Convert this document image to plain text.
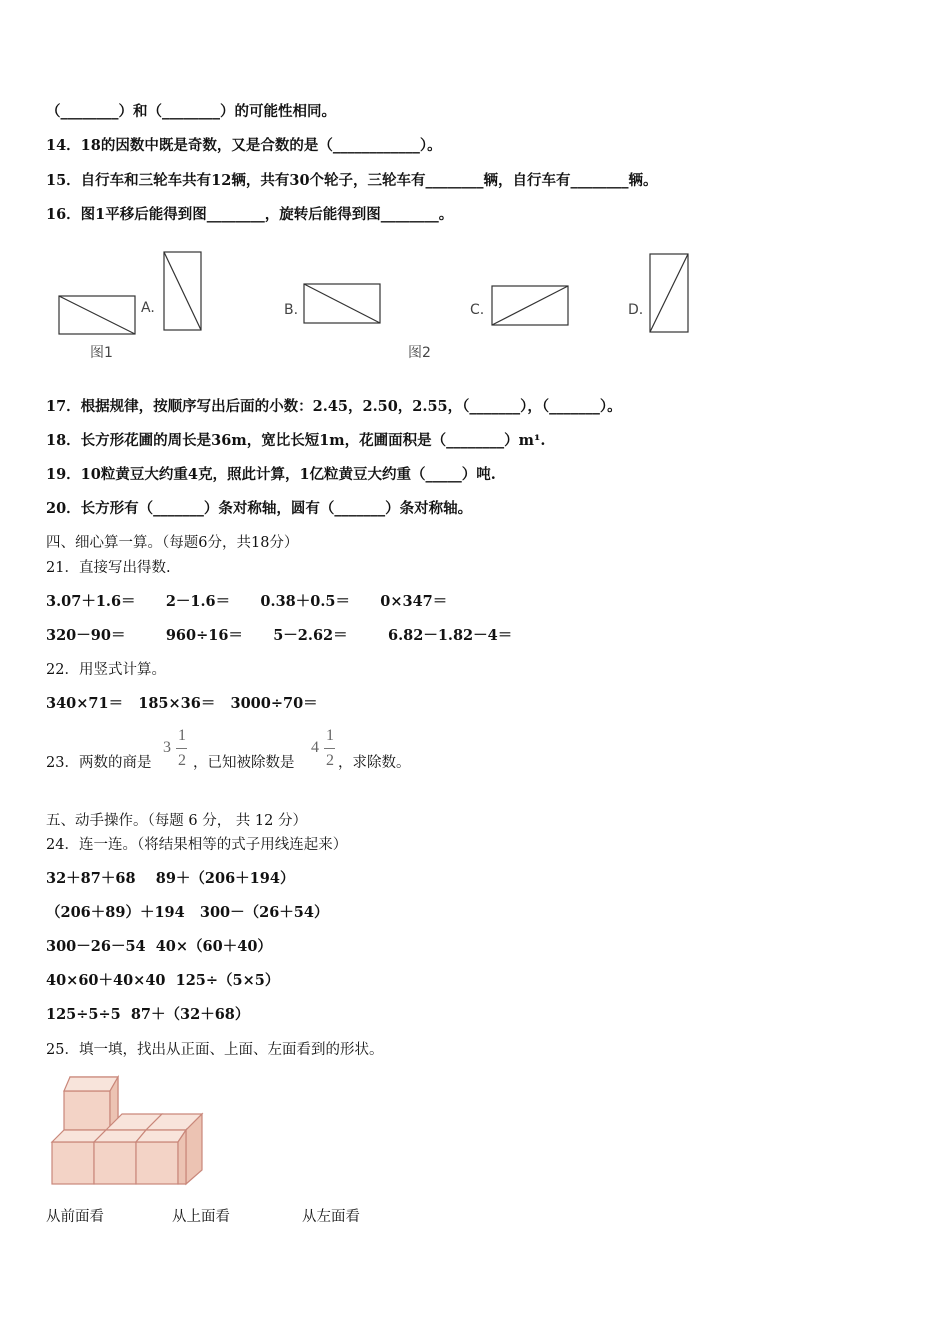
（________）和（________）的可能性相同。
14．18的因数中既是奇数，又是合数的是（____________）。
15．自行车和三轮车共有12辆，共有30个轮子，三轮车有________辆，自行车有________辆。
16．图1平移后能得到图________，旋转后能得到图________。
A.	B.	C.	D.
图1	图2
17．根据规律，按顺序写出后面的小数：2.45，2.50，2.55，（_______），（_______）。
18．长方形花圃的周长是36m，宽比长短1m，花圃面积是（________）m¹.
19．10粒黄豆大约重4克，照此计算，1亿粒黄豆大约重（_____）吨.
20．长方形有（_______）条对称轴，圆有（_______）条对称轴。
四、细心算一算。（每题6分，共18分）
21．直接写出得数.
3.07＋1.6＝      2－1.6＝      0.38＋0.5＝      0×347＝
320－90＝        960÷16＝      5－2.62＝        6.82－1.82－4＝
22．用竖式计算。
340×71＝   185×36＝   3000÷70＝
23．两数的商是
3
1
2 ，已知被除数是
4
1
2 ，求除数。
五、动手操作。（每题 6 分， 共 12 分）
24．连一连。（将结果相等的式子用线连起来）
32＋87＋68    89＋（206＋194）
（206＋89）＋194   300－（26＋54）
300－26－54  40×（60＋40）
40×60＋40×40  125÷（5×5）
125÷5÷5  87＋（32＋68）
25．填一填，找出从正面、上面、左面看到的形状。
从前面看	从上面看	从左面看
